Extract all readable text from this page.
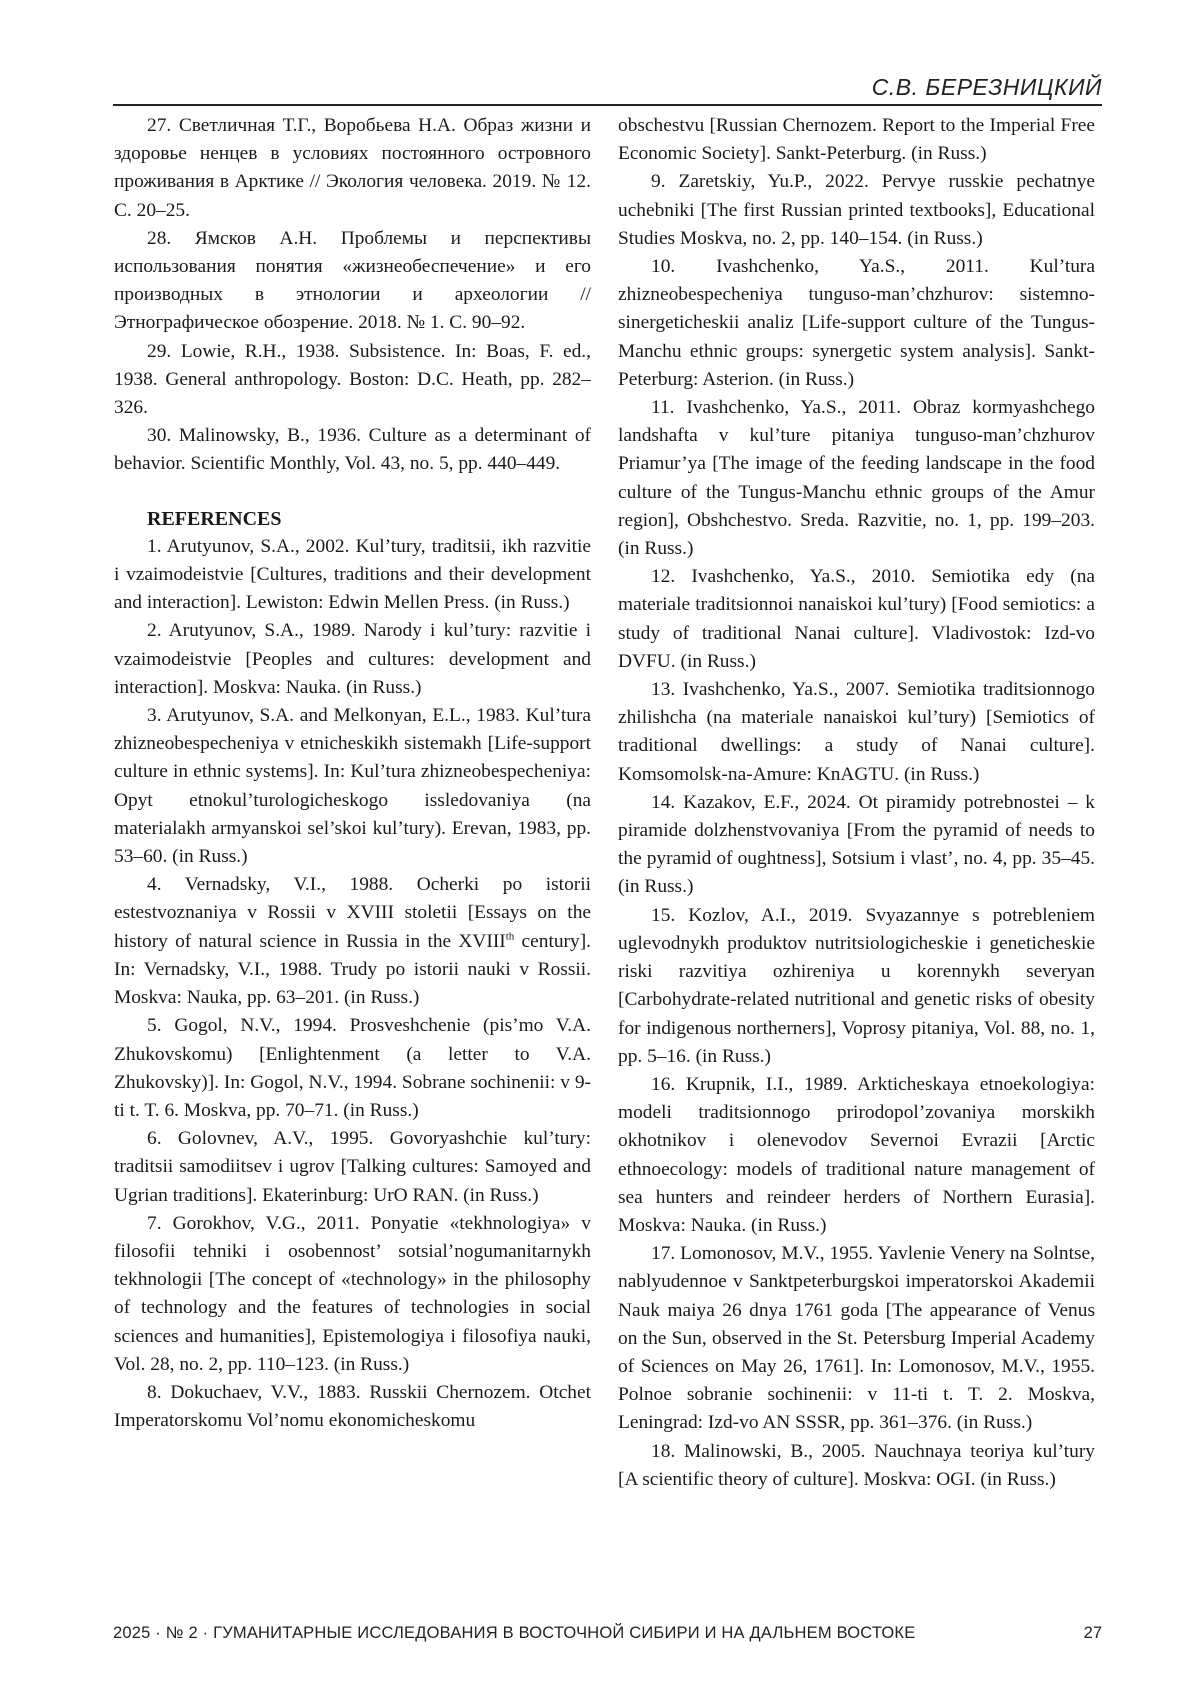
С.В. БЕРЕЗНИЦКИЙ

27. Светличная Т.Г., Воробьева Н.А. Образ жизни и здоровье ненцев в условиях постоянного островного проживания в Арктике // Экология человека. 2019. № 12. С. 20–25.

28. Ямсков А.Н. Проблемы и перспективы использования понятия «жизнеобеспечение» и его производных в этнологии и археологии // Этнографическое обозрение. 2018. № 1. С. 90–92.

29. Lowie, R.H., 1938. Subsistence. In: Boas, F. ed., 1938. General anthropology. Boston: D.C. Heath, pp. 282–326.

30. Malinowsky, B., 1936. Culture as a determinant of behavior. Scientific Monthly, Vol. 43, no. 5, pp. 440–449.

REFERENCES

1. Arutyunov, S.A., 2002. Kul’tury, traditsii, ikh razvitie i vzaimodeistvie [Cultures, traditions and their development and interaction]. Lewiston: Edwin Mellen Press. (in Russ.)

2. Arutyunov, S.A., 1989. Narody i kul’tury: razvitie i vzaimodeistvie [Peoples and cultures: development and interaction]. Moskva: Nauka. (in Russ.)

3. Arutyunov, S.A. and Melkonyan, E.L., 1983. Kul’tura zhizneobespecheniya v etnicheskikh sistemakh [Life-support culture in ethnic systems]. In: Kul’tura zhizneobespecheniya: Opyt etnokul’turologicheskogo issledovaniya (na materialakh armyanskoi sel’skoi kul’tury). Erevan, 1983, pp. 53–60. (in Russ.)

4. Vernadsky, V.I., 1988. Ocherki po istorii estestvoznaniya v Rossii v XVIII stoletii [Essays on the history of natural science in Russia in the XVIIIth century]. In: Vernadsky, V.I., 1988. Trudy po istorii nauki v Rossii. Moskva: Nauka, pp. 63–201. (in Russ.)

5. Gogol, N.V., 1994. Prosveshchenie (pis’mo V.A. Zhukovskomu) [Enlightenment (a letter to V.A. Zhukovsky)]. In: Gogol, N.V., 1994. Sobrane sochinenii: v 9-ti t. T. 6. Moskva, pp. 70–71. (in Russ.)

6. Golovnev, A.V., 1995. Govoryashchie kul’tury: traditsii samodiitsev i ugrov [Talking cultures: Samoyed and Ugrian traditions]. Ekaterinburg: UrO RAN. (in Russ.)

7. Gorokhov, V.G., 2011. Ponyatie «tekhnologiya» v filosofii tehniki i osobennost’ sotsial’nogumanitarnykh tekhnologii [The concept of «technology» in the philosophy of technology and the features of technologies in social sciences and humanities], Epistemologiya i filosofiya nauki, Vol. 28, no. 2, pp. 110–123. (in Russ.)

8. Dokuchaev, V.V., 1883. Russkii Chernozem. Otchet Imperatorskomu Vol’nomu ekonomicheskomu

obschestvu [Russian Chernozem. Report to the Imperial Free Economic Society]. Sankt-Peterburg. (in Russ.)

9. Zaretskiy, Yu.P., 2022. Pervye russkie pechatnye uchebniki [The first Russian printed textbooks], Educational Studies Moskva, no. 2, pp. 140–154. (in Russ.)

10. Ivashchenko, Ya.S., 2011. Kul’tura zhizneobespecheniya tunguso-man’chzhurov: sistemno-sinergeticheskii analiz [Life-support culture of the Tungus-Manchu ethnic groups: synergetic system analysis]. Sankt-Peterburg: Asterion. (in Russ.)

11. Ivashchenko, Ya.S., 2011. Obraz kormyashchego landshafta v kul’ture pitaniya tunguso-man’chzhurov Priamur’ya [The image of the feeding landscape in the food culture of the Tungus-Manchu ethnic groups of the Amur region], Obshchestvo. Sreda. Razvitie, no. 1, pp. 199–203. (in Russ.)

12. Ivashchenko, Ya.S., 2010. Semiotika edy (na materiale traditsionnoi nanaiskoi kul’tury) [Food semiotics: a study of traditional Nanai culture]. Vladivostok: Izd-vo DVFU. (in Russ.)

13. Ivashchenko, Ya.S., 2007. Semiotika traditsionnogo zhilishcha (na materiale nanaiskoi kul’tury) [Semiotics of traditional dwellings: a study of Nanai culture]. Komsomolsk-na-Amure: KnAGTU. (in Russ.)

14. Kazakov, E.F., 2024. Ot piramidy potrebnostei – k piramide dolzhenstvovaniya [From the pyramid of needs to the pyramid of oughtness], Sotsium i vlast’, no. 4, pp. 35–45. (in Russ.)

15. Kozlov, A.I., 2019. Svyazannye s potrebleniem uglevodnykh produktov nutritsiologicheskie i geneticheskie riski razvitiya ozhireniya u korennykh severyan [Carbohydrate-related nutritional and genetic risks of obesity for indigenous northerners], Voprosy pitaniya, Vol. 88, no. 1, pp. 5–16. (in Russ.)

16. Krupnik, I.I., 1989. Arkticheskaya etnoekologiya: modeli traditsionnogo prirodopol’zovaniya morskikh okhotnikov i olenevodov Severnoi Evrazii [Arctic ethnoecology: models of traditional nature management of sea hunters and reindeer herders of Northern Eurasia]. Moskva: Nauka. (in Russ.)

17. Lomonosov, M.V., 1955. Yavlenie Venery na Solntse, nablyudennoe v Sanktpeterburgskoi imperatorskoi Akademii Nauk maiya 26 dnya 1761 goda [The appearance of Venus on the Sun, observed in the St. Petersburg Imperial Academy of Sciences on May 26, 1761]. In: Lomonosov, M.V., 1955. Polnoe sobranie sochinenii: v 11-ti t. T. 2. Moskva, Leningrad: Izd-vo AN SSSR, pp. 361–376. (in Russ.)

18. Malinowski, B., 2005. Nauchnaya teoriya kul’tury [A scientific theory of culture]. Moskva: OGI. (in Russ.)

2025 · № 2 · ГУМАНИТАРНЫЕ ИССЛЕДОВАНИЯ В ВОСТОЧНОЙ СИБИРИ И НА ДАЛЬНЕМ ВОСТОКЕ	27
